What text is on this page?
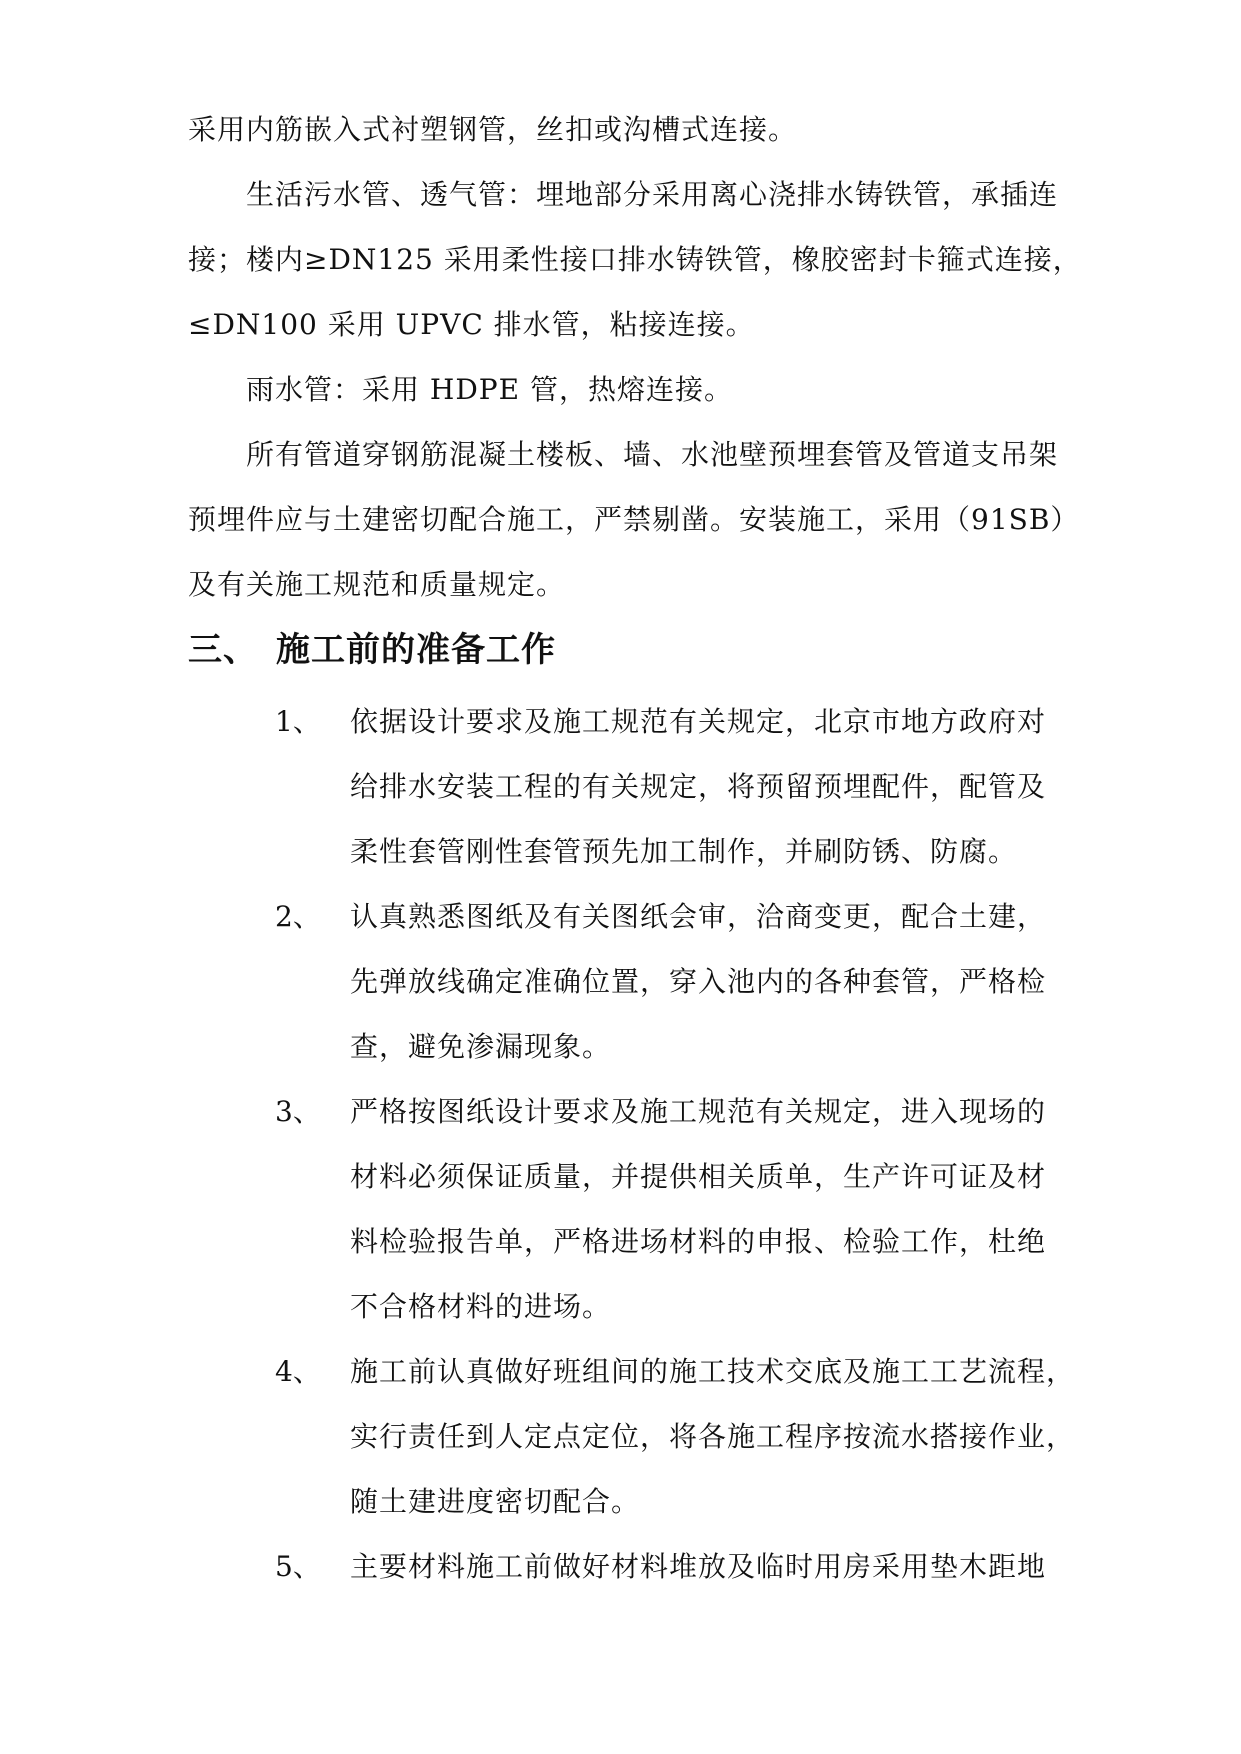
采用内筋嵌入式衬塑钢管，丝扣或沟槽式连接。
生活污水管、透气管：埋地部分采用离心浇排水铸铁管，承插连
接；楼内≥DN125 采用柔性接口排水铸铁管，橡胶密封卡箍式连接，
≤DN100 采用 UPVC 排水管，粘接连接。
雨水管：采用 HDPE 管，热熔连接。
所有管道穿钢筋混凝土楼板、墙、水池壁预埋套管及管道支吊架
预埋件应与土建密切配合施工，严禁剔凿。安装施工，采用（91SB）
及有关施工规范和质量规定。
三、 施工前的准备工作
1、 依据设计要求及施工规范有关规定，北京市地方政府对
给排水安装工程的有关规定，将预留预埋配件，配管及
柔性套管刚性套管预先加工制作，并刷防锈、防腐。
2、 认真熟悉图纸及有关图纸会审，洽商变更，配合土建，
先弹放线确定准确位置，穿入池内的各种套管，严格检
查，避免渗漏现象。
3、 严格按图纸设计要求及施工规范有关规定，进入现场的
材料必须保证质量，并提供相关质单，生产许可证及材
料检验报告单，严格进场材料的申报、检验工作，杜绝
不合格材料的进场。
4、 施工前认真做好班组间的施工技术交底及施工工艺流程，
实行责任到人定点定位，将各施工程序按流水搭接作业，
随土建进度密切配合。
5、 主要材料施工前做好材料堆放及临时用房采用垫木距地
